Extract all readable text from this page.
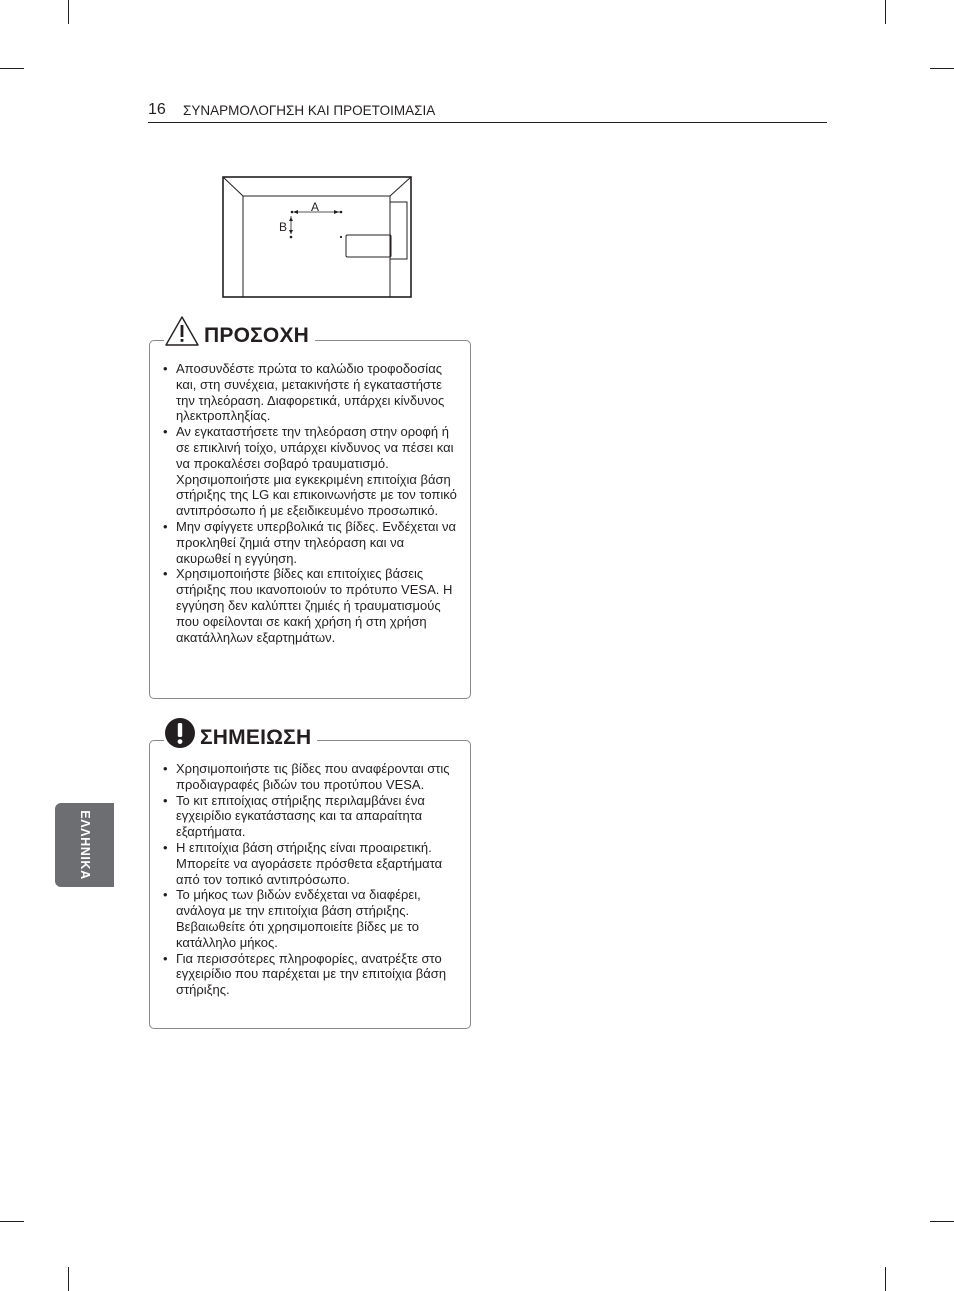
16 ΣΥΝΑΡΜΟΛΟΓΗΣΗ ΚΑΙ ΠΡΟΕΤΟΙΜΑΣΙΑ
A
B
ΠΡΟΣΟΧΗ
• Αποσυνδέστε πρώτα το καλώδιο τροφοδοσίας και, στη συνέχεια, μετακινήστε ή εγκαταστήστε την τηλεόραση. Διαφορετικά, υπάρχει κίνδυνος ηλεκτροπληξίας.
• Αν εγκαταστήσετε την τηλεόραση στην οροφή ή σε επικλινή τοίχο, υπάρχει κίνδυνος να πέσει και να προκαλέσει σοβαρό τραυματισμό.
Χρησιμοποιήστε μια εγκεκριμένη επιτοίχια βάση στήριξης της LG και επικοινωνήστε με τον τοπικό αντιπρόσωπο ή με εξειδικευμένο προσωπικό.
• Μην σφίγγετε υπερβολικά τις βίδες. Ενδέχεται να προκληθεί ζημιά στην τηλεόραση και να ακυρωθεί η εγγύηση.
• Χρησιμοποιήστε βίδες και επιτοίχιες βάσεις στήριξης που ικανοποιούν το πρότυπο VESA. Η εγγύηση δεν καλύπτει ζημιές ή τραυματισμούς που οφείλονται σε κακή χρήση ή στη χρήση ακατάλληλων εξαρτημάτων.
ΣΗΜΕΙΩΣΗ
• Χρησιμοποιήστε τις βίδες που αναφέρονται στις προδιαγραφές βιδών του προτύπου VESA.
• Το κιτ επιτοίχιας στήριξης περιλαμβάνει ένα εγχειρίδιο εγκατάστασης και τα απαραίτητα εξαρτήματα.
• Η επιτοίχια βάση στήριξης είναι προαιρετική. Μπορείτε να αγοράσετε πρόσθετα εξαρτήματα από τον τοπικό αντιπρόσωπο.
• Το μήκος των βιδών ενδέχεται να διαφέρει, ανάλογα με την επιτοίχια βάση στήριξης. Βεβαιωθείτε ότι χρησιμοποιείτε βίδες με το κατάλληλο μήκος.
• Για περισσότερες πληροφορίες, ανατρέξτε στο εγχειρίδιο που παρέχεται με την επιτοίχια βάση στήριξης.
ΕΛΛΗΝΙΚΑ
